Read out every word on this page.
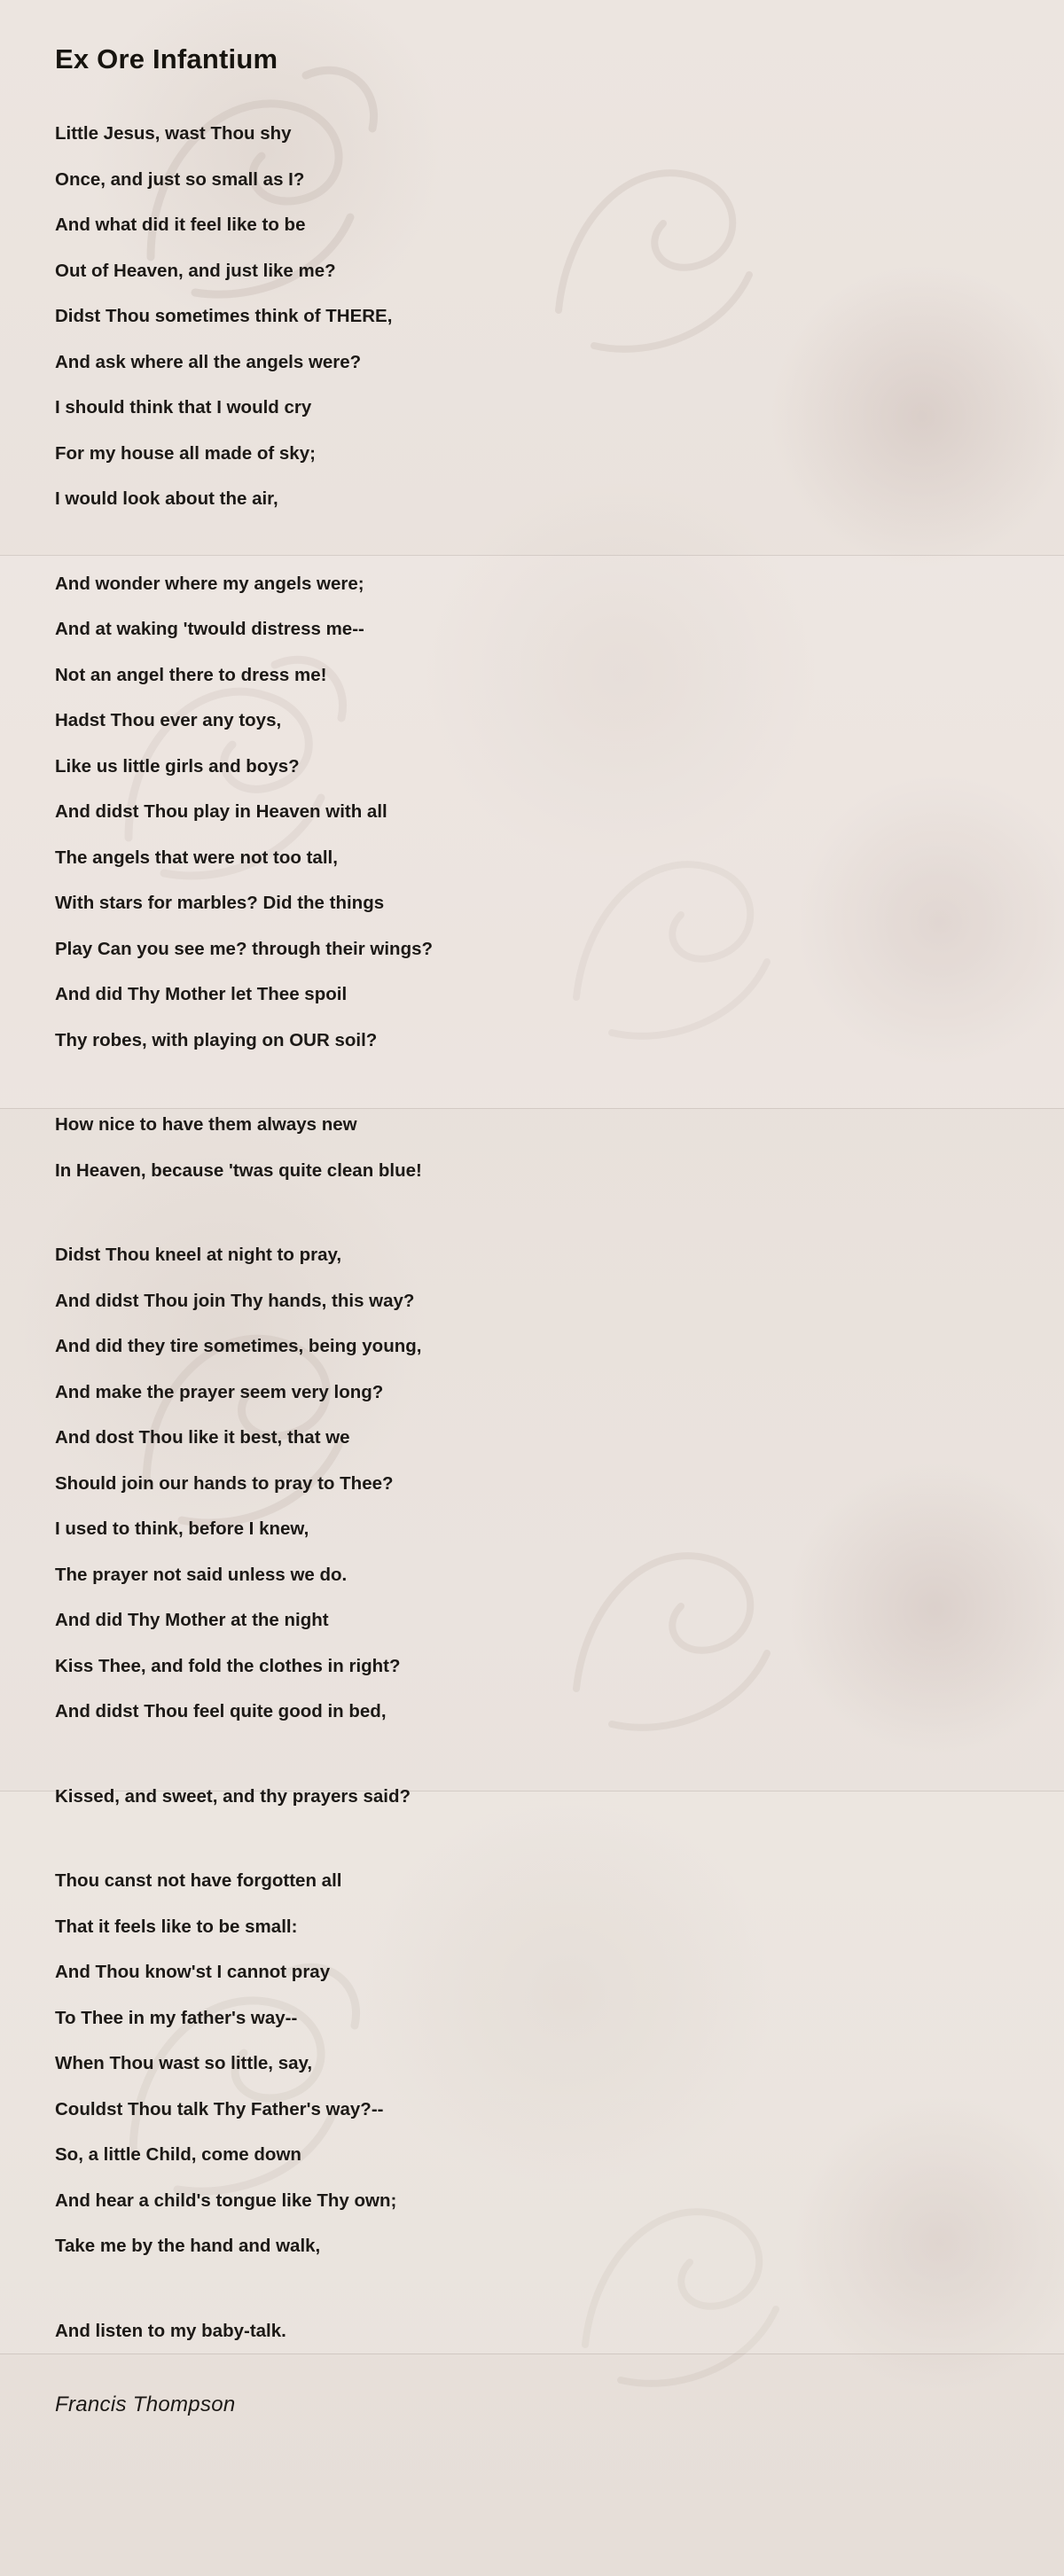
Ex Ore Infantium
Little Jesus, wast Thou shy
Once, and just so small as I?
And what did it feel like to be
Out of Heaven, and just like me?
Didst Thou sometimes think of THERE,
And ask where all the angels were?
I should think that I would cry
For my house all made of sky;
I would look about the air,
And wonder where my angels were;
And at waking 'twould distress me--
Not an angel there to dress me!
Hadst Thou ever any toys,
Like us little girls and boys?
And didst Thou play in Heaven with all
The angels that were not too tall,
With stars for marbles? Did the things
Play Can you see me? through their wings?
And did Thy Mother let Thee spoil
Thy robes, with playing on OUR soil?
How nice to have them always new
In Heaven, because 'twas quite clean blue!
Didst Thou kneel at night to pray,
And didst Thou join Thy hands, this way?
And did they tire sometimes, being young,
And make the prayer seem very long?
And dost Thou like it best, that we
Should join our hands to pray to Thee?
I used to think, before I knew,
The prayer not said unless we do.
And did Thy Mother at the night
Kiss Thee, and fold the clothes in right?
And didst Thou feel quite good in bed,
Kissed, and sweet, and thy prayers said?
Thou canst not have forgotten all
That it feels like to be small:
And Thou know'st I cannot pray
To Thee in my father's way--
When Thou wast so little, say,
Couldst Thou talk Thy Father's way?--
So, a little Child, come down
And hear a child's tongue like Thy own;
Take me by the hand and walk,
And listen to my baby-talk.
Francis Thompson
